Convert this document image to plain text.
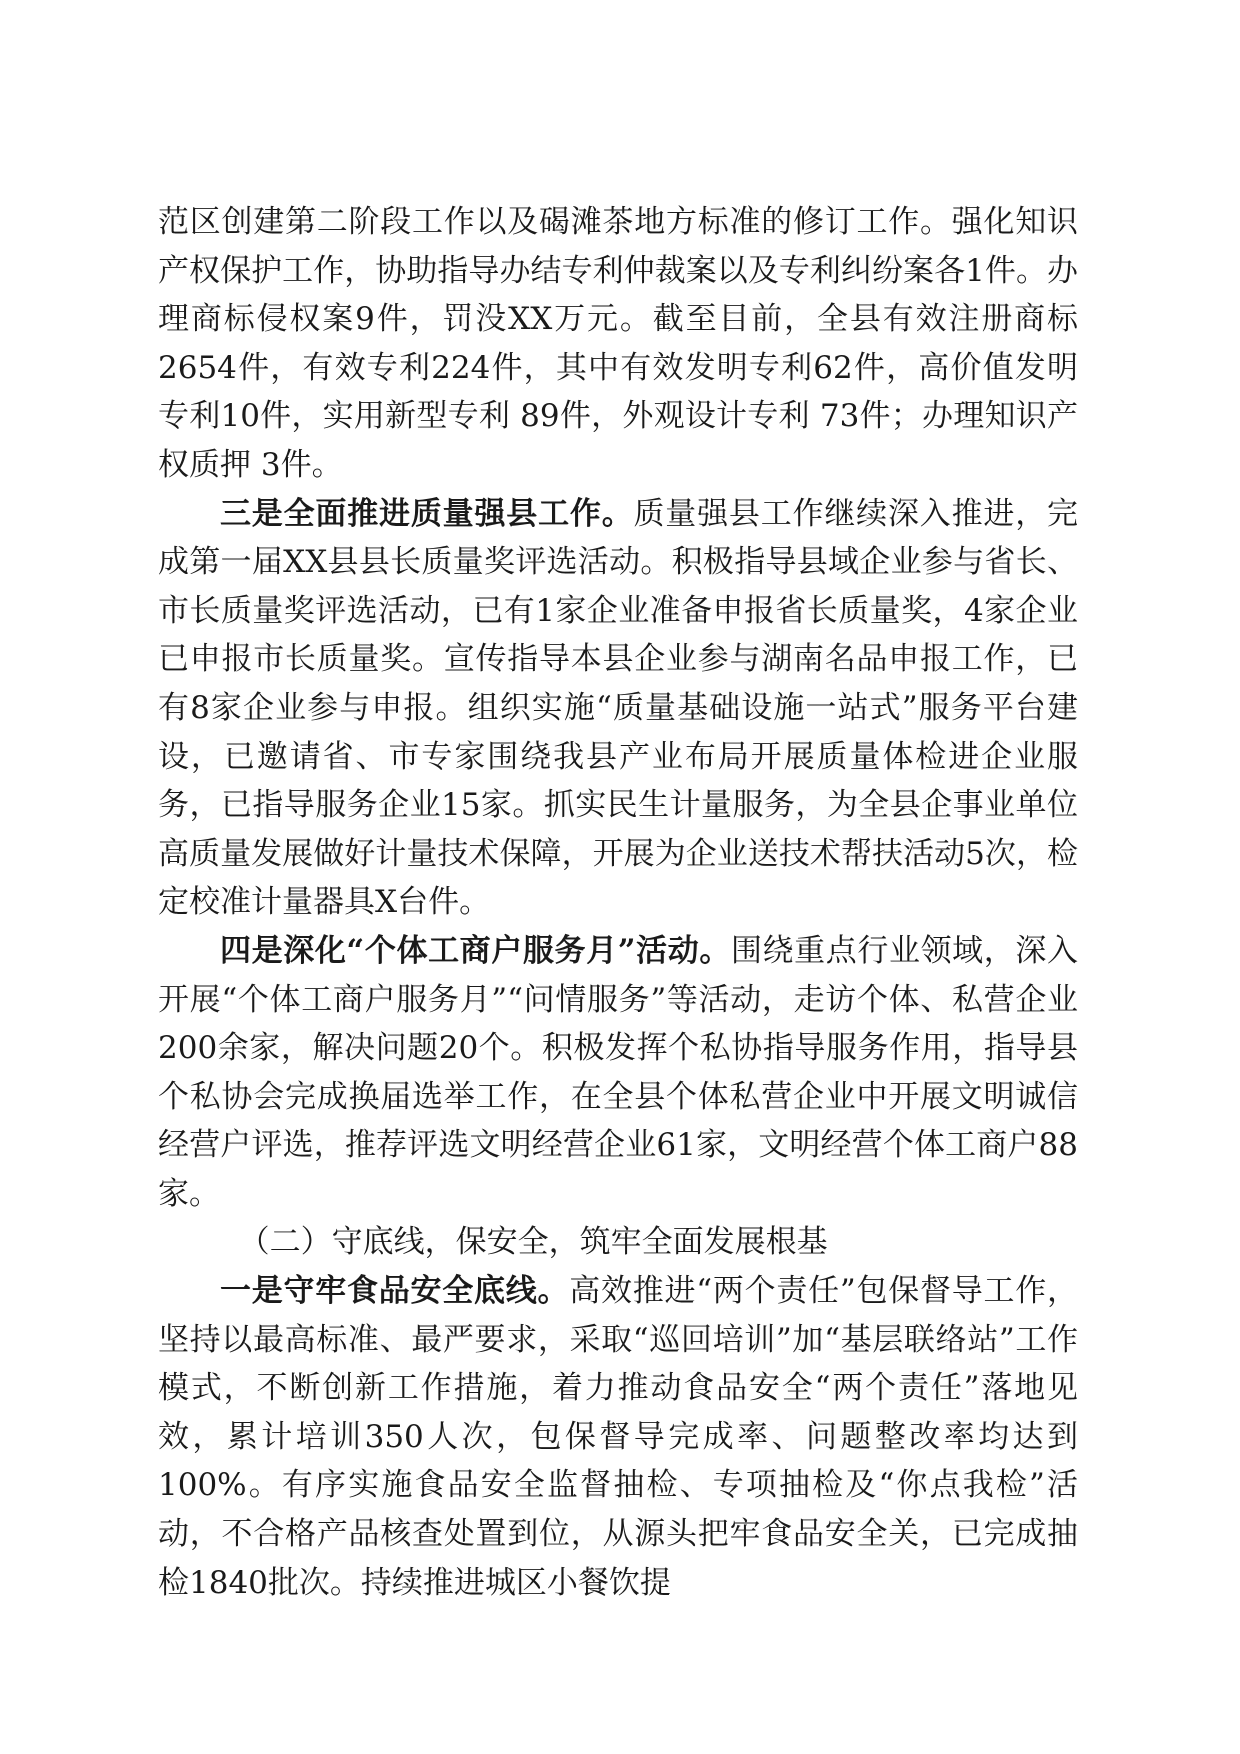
范区创建第二阶段工作以及碣滩茶地方标准的修订工作。强化知识产权保护工作，协助指导办结专利仲裁案以及专利纠纷案各1件。办理商标侵权案9件，罚没XX万元。截至目前，全县有效注册商标 2654件，有效专利224件，其中有效发明专利62件，高价值发明专利10件，实用新型专利 89件，外观设计专利 73件；办理知识产权质押 3件。

三是全面推进质量强县工作。质量强县工作继续深入推进，完成第一届XX县县长质量奖评选活动。积极指导县域企业参与省长、市长质量奖评选活动，已有1家企业准备申报省长质量奖，4家企业已申报市长质量奖。宣传指导本县企业参与湖南名品申报工作，已有8家企业参与申报。组织实施“质量基础设施一站式”服务平台建设，已邀请省、市专家围绕我县产业布局开展质量体检进企业服务，已指导服务企业15家。抓实民生计量服务，为全县企事业单位高质量发展做好计量技术保障，开展为企业送技术帮扶活动5次，检定校准计量器具X台件。

四是深化“个体工商户服务月”活动。围绕重点行业领域，深入开展“个体工商户服务月”“问情服务”等活动，走访个体、私营企业200余家，解决问题20个。积极发挥个私协指导服务作用，指导县个私协会完成换届选举工作，在全县个体私营企业中开展文明诚信经营户评选，推荐评选文明经营企业61家，文明经营个体工商户88家。

（二）守底线，保安全，筑牢全面发展根基

一是守牢食品安全底线。高效推进“两个责任”包保督导工作，坚持以最高标准、最严要求，采取“巡回培训”加“基层联络站”工作模式，不断创新工作措施，着力推动食品安全“两个责任”落地见效，累计培训350人次，包保督导完成率、问题整改率均达到100%。有序实施食品安全监督抽检、专项抽检及“你点我检”活动，不合格产品核查处置到位，从源头把牢食品安全关，已完成抽检1840批次。持续推进城区小餐饮提
